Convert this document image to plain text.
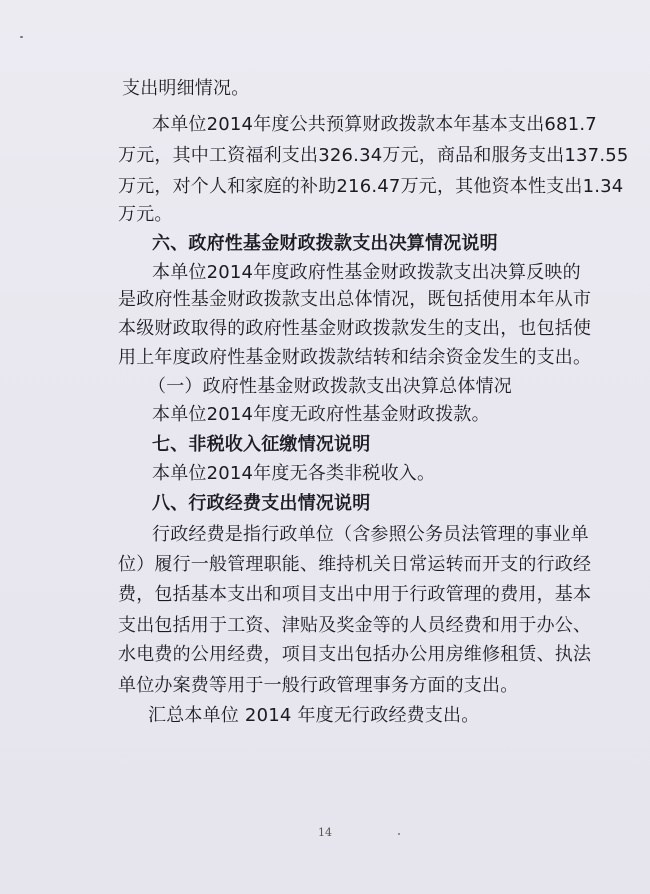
支出明细情况。
本单位2014年度公共预算财政拨款本年基本支出681.7
万元，其中工资福利支出326.34万元，商品和服务支出137.55
万元，对个人和家庭的补助216.47万元，其他资本性支出1.34
万元。
六、政府性基金财政拨款支出决算情况说明
本单位2014年度政府性基金财政拨款支出决算反映的
是政府性基金财政拨款支出总体情况，既包括使用本年从市
本级财政取得的政府性基金财政拨款发生的支出，也包括使
用上年度政府性基金财政拨款结转和结余资金发生的支出。
（一）政府性基金财政拨款支出决算总体情况
本单位2014年度无政府性基金财政拨款。
七、非税收入征缴情况说明
本单位2014年度无各类非税收入。
八、行政经费支出情况说明
行政经费是指行政单位（含参照公务员法管理的事业单
位）履行一般管理职能、维持机关日常运转而开支的行政经
费，包括基本支出和项目支出中用于行政管理的费用，基本
支出包括用于工资、津贴及奖金等的人员经费和用于办公、
水电费的公用经费，项目支出包括办公用房维修租赁、执法
单位办案费等用于一般行政管理事务方面的支出。
汇总本单位 2014 年度无行政经费支出。
14
